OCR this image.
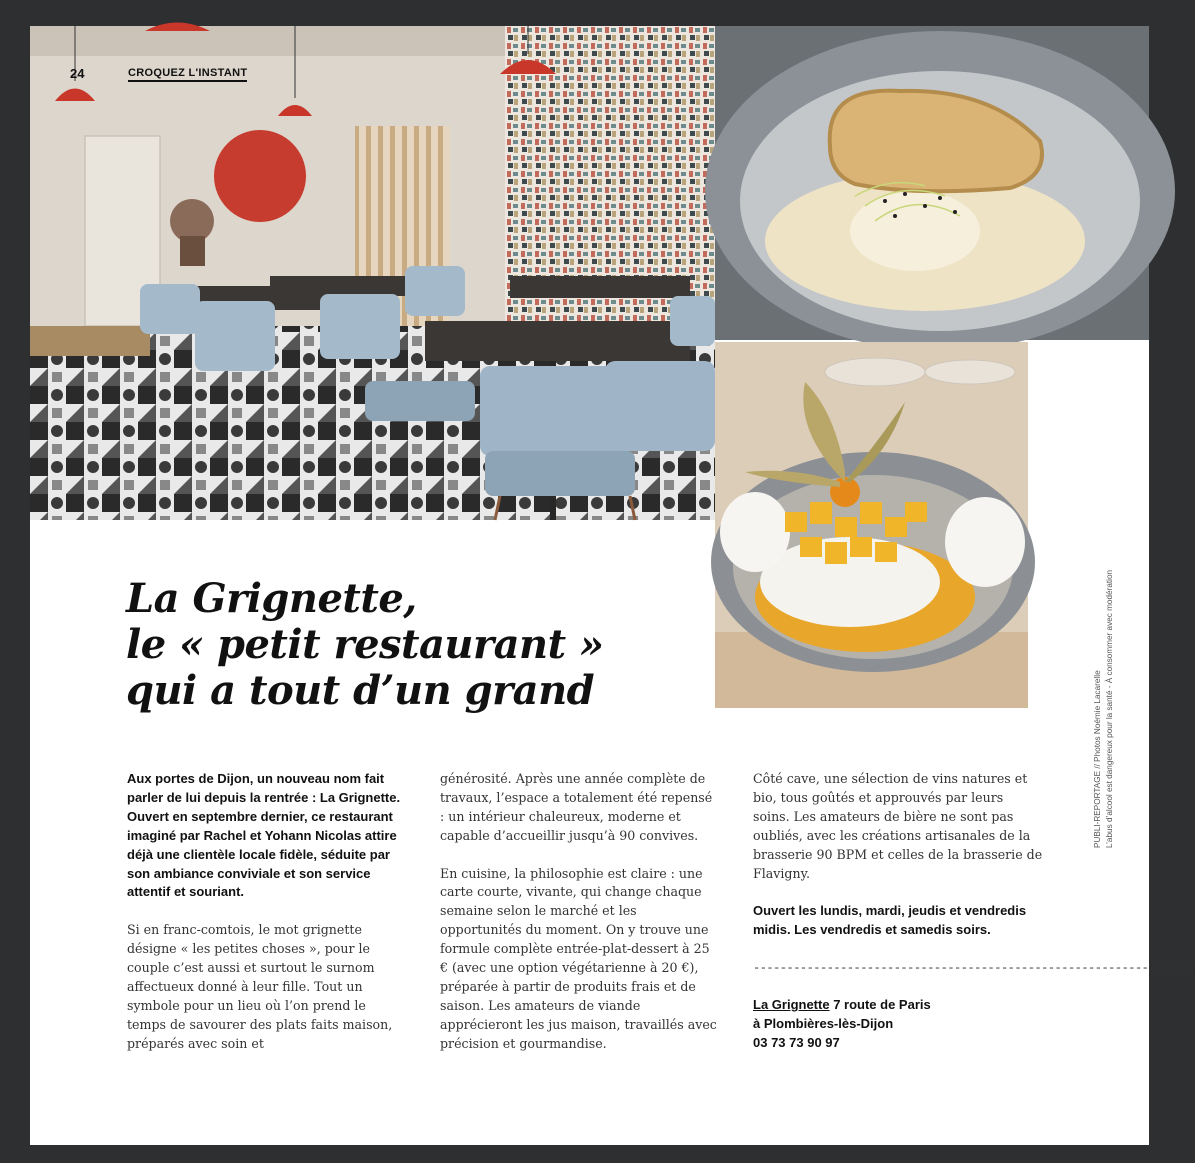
24	CROQUEZ L'INSTANT
La Grignette,
le « petit restaurant »
qui a tout d’un grand

Aux portes de Dijon, un nouveau nom fait parler de lui depuis la rentrée : La Grignette. Ouvert en septembre dernier, ce restaurant imaginé par Rachel et Yohann Nicolas attire déjà une clientèle locale fidèle, séduite par son ambiance conviviale et son service attentif et souriant.

Si en franc-comtois, le mot grignette désigne « les petites choses », pour le couple c’est aussi et surtout le surnom affectueux donné à leur fille. Tout un symbole pour un lieu où l’on prend le temps de savourer des plats faits maison, préparés avec soin et

générosité. Après une année complète de travaux, l’espace a totalement été repensé : un intérieur chaleureux, moderne et capable d’accueillir jusqu’à 90 convives.

En cuisine, la philosophie est claire : une carte courte, vivante, qui change chaque semaine selon le marché et les opportunités du moment. On y trouve une formule complète entrée-plat-dessert à 25 € (avec une option végétarienne à 20 €), préparée à partir de produits frais et de saison. Les amateurs de viande apprécieront les jus maison, travaillés avec précision et gourmandise.

Côté cave, une sélection de vins natures et bio, tous goûtés et approuvés par leurs soins. Les amateurs de bière ne sont pas oubliés, avec les créations artisanales de la brasserie 90 BPM et celles de la brasserie de Flavigny.

Ouvert les lundis, mardi, jeudis et vendredis midis. Les vendredis et samedis soirs.

------------------------------------------------------------------

La Grignette 7 route de Paris
à Plombières-lès-Dijon
03 73 73 90 97

PUBLI-REPORTAGE // Photos Noémie Lacarelle L’abus d’alcool est dangereux pour la santé - À consommer avec modération
